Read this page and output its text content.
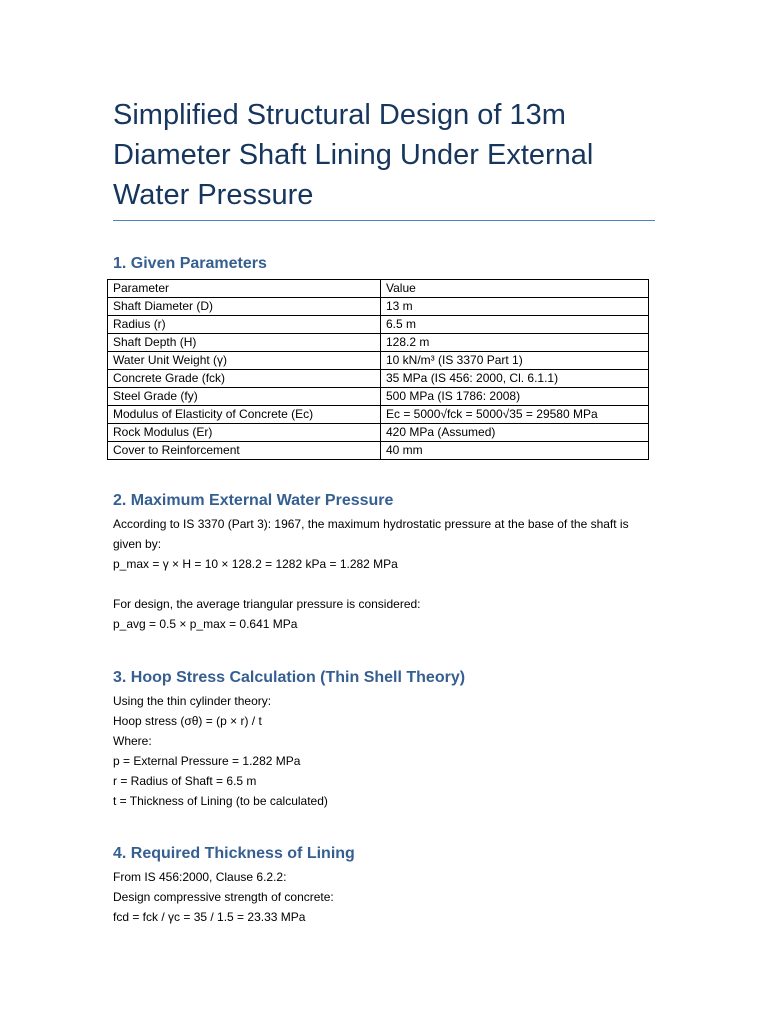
Simplified Structural Design of 13m Diameter Shaft Lining Under External Water Pressure
1. Given Parameters
Parameter	Value
Shaft Diameter (D)	13 m
Radius (r)	6.5 m
Shaft Depth (H)	128.2 m
Water Unit Weight (γ)	10 kN/m³ (IS 3370 Part 1)
Concrete Grade (fck)	35 MPa (IS 456: 2000, Cl. 6.1.1)
Steel Grade (fy)	500 MPa (IS 1786: 2008)
Modulus of Elasticity of Concrete (Ec)	Ec = 5000√fck = 5000√35 = 29580 MPa
Rock Modulus (Er)	420 MPa (Assumed)
Cover to Reinforcement	40 mm
2. Maximum External Water Pressure
According to IS 3370 (Part 3): 1967, the maximum hydrostatic pressure at the base of the shaft is
given by:
p_max = γ × H = 10 × 128.2 = 1282 kPa = 1.282 MPa
For design, the average triangular pressure is considered:
p_avg = 0.5 × p_max = 0.641 MPa
3. Hoop Stress Calculation (Thin Shell Theory)
Using the thin cylinder theory:
Hoop stress (σθ) = (p × r) / t
Where:
p = External Pressure = 1.282 MPa
r = Radius of Shaft = 6.5 m
t = Thickness of Lining (to be calculated)
4. Required Thickness of Lining
From IS 456:2000, Clause 6.2.2:
Design compressive strength of concrete:
fcd = fck / γc = 35 / 1.5 = 23.33 MPa
